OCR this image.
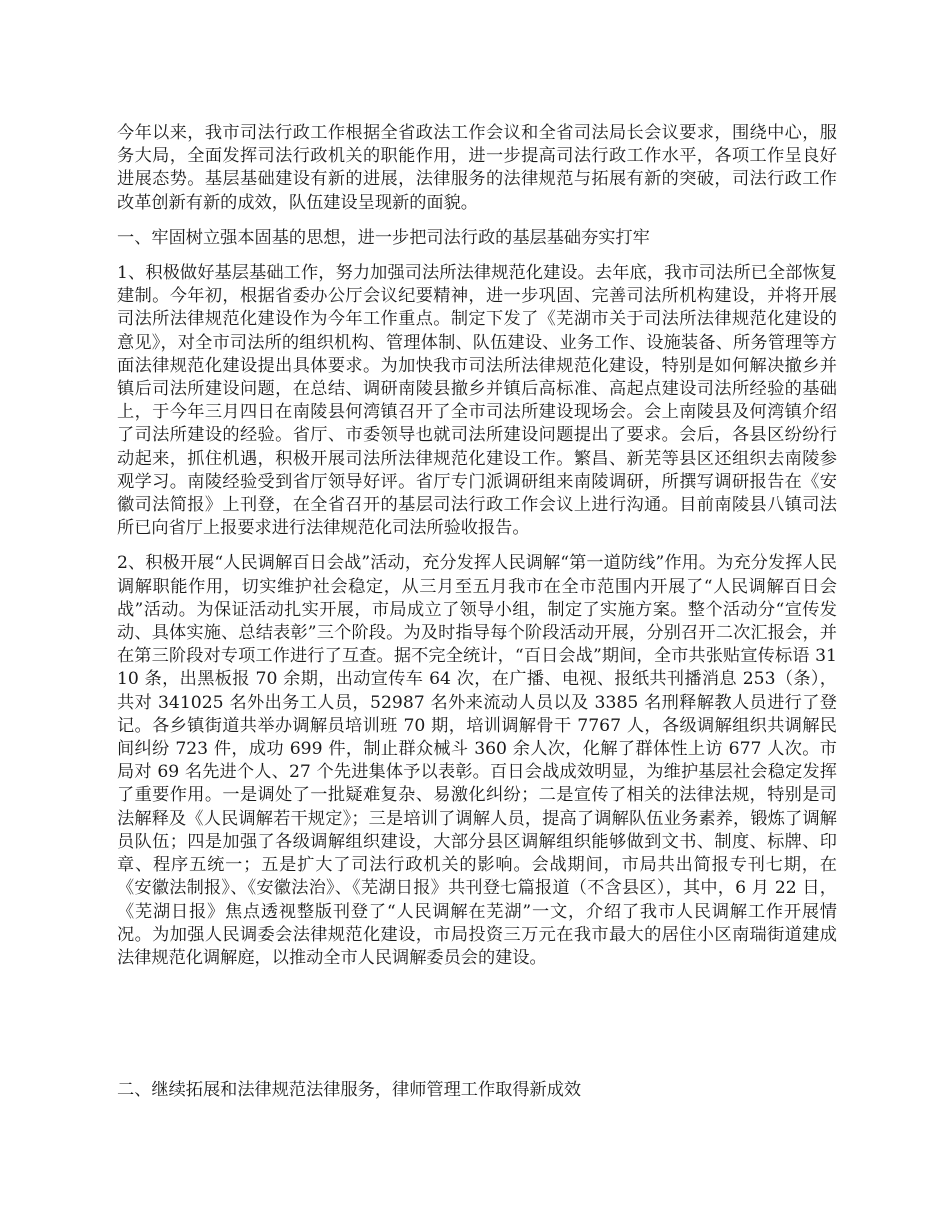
今年以来，我市司法行政工作根据全省政法工作会议和全省司法局长会议要求，围绕中心，服务大局，全面发挥司法行政机关的职能作用，进一步提高司法行政工作水平，各项工作呈良好进展态势。基层基础建设有新的进展，法律服务的法律规范与拓展有新的突破，司法行政工作改革创新有新的成效，队伍建设呈现新的面貌。

一、牢固树立强本固基的思想，进一步把司法行政的基层基础夯实打牢

1、积极做好基层基础工作，努力加强司法所法律规范化建设。去年底，我市司法所已全部恢复建制。今年初，根据省委办公厅会议纪要精神，进一步巩固、完善司法所机构建设，并将开展司法所法律规范化建设作为今年工作重点。制定下发了《芜湖市关于司法所法律规范化建设的意见》，对全市司法所的组织机构、管理体制、队伍建设、业务工作、设施装备、所务管理等方面法律规范化建设提出具体要求。为加快我市司法所法律规范化建设，特别是如何解决撤乡并镇后司法所建设问题，在总结、调研南陵县撤乡并镇后高标准、高起点建设司法所经验的基础上，于今年三月四日在南陵县何湾镇召开了全市司法所建设现场会。会上南陵县及何湾镇介绍了司法所建设的经验。省厅、市委领导也就司法所建设问题提出了要求。会后，各县区纷纷行动起来，抓住机遇，积极开展司法所法律规范化建设工作。繁昌、新芜等县区还组织去南陵参观学习。南陵经验受到省厅领导好评。省厅专门派调研组来南陵调研，所撰写调研报告在《安徽司法简报》上刊登，在全省召开的基层司法行政工作会议上进行沟通。目前南陵县八镇司法所已向省厅上报要求进行法律规范化司法所验收报告。

2、积极开展“人民调解百日会战”活动，充分发挥人民调解“第一道防线”作用。为充分发挥人民调解职能作用，切实维护社会稳定，从三月至五月我市在全市范围内开展了“人民调解百日会战”活动。为保证活动扎实开展，市局成立了领导小组，制定了实施方案。整个活动分“宣传发动、具体实施、总结表彰”三个阶段。为及时指导每个阶段活动开展，分别召开二次汇报会，并在第三阶段对专项工作进行了互查。据不完全统计，“百日会战”期间，全市共张贴宣传标语 3110 条，出黑板报 70 余期，出动宣传车 64 次，在广播、电视、报纸共刊播消息 253（条），共对 341025 名外出务工人员，52987 名外来流动人员以及 3385 名刑释解教人员进行了登记。各乡镇街道共举办调解员培训班 70 期，培训调解骨干 7767 人，各级调解组织共调解民间纠纷 723 件，成功 699 件，制止群众械斗 360 余人次，化解了群体性上访 677 人次。市局对 69 名先进个人、27 个先进集体予以表彰。百日会战成效明显，为维护基层社会稳定发挥了重要作用。一是调处了一批疑难复杂、易激化纠纷；二是宣传了相关的法律法规，特别是司法解释及《人民调解若干规定》；三是培训了调解人员，提高了调解队伍业务素养，锻炼了调解员队伍；四是加强了各级调解组织建设，大部分县区调解组织能够做到文书、制度、标牌、印章、程序五统一；五是扩大了司法行政机关的影响。会战期间，市局共出简报专刊七期，在《安徽法制报》、《安徽法治》、《芜湖日报》共刊登七篇报道（不含县区），其中，6 月 22 日，《芜湖日报》焦点透视整版刊登了“人民调解在芜湖”一文，介绍了我市人民调解工作开展情况。为加强人民调委会法律规范化建设，市局投资三万元在我市最大的居住小区南瑞街道建成法律规范化调解庭，以推动全市人民调解委员会的建设。

二、继续拓展和法律规范法律服务，律师管理工作取得新成效
